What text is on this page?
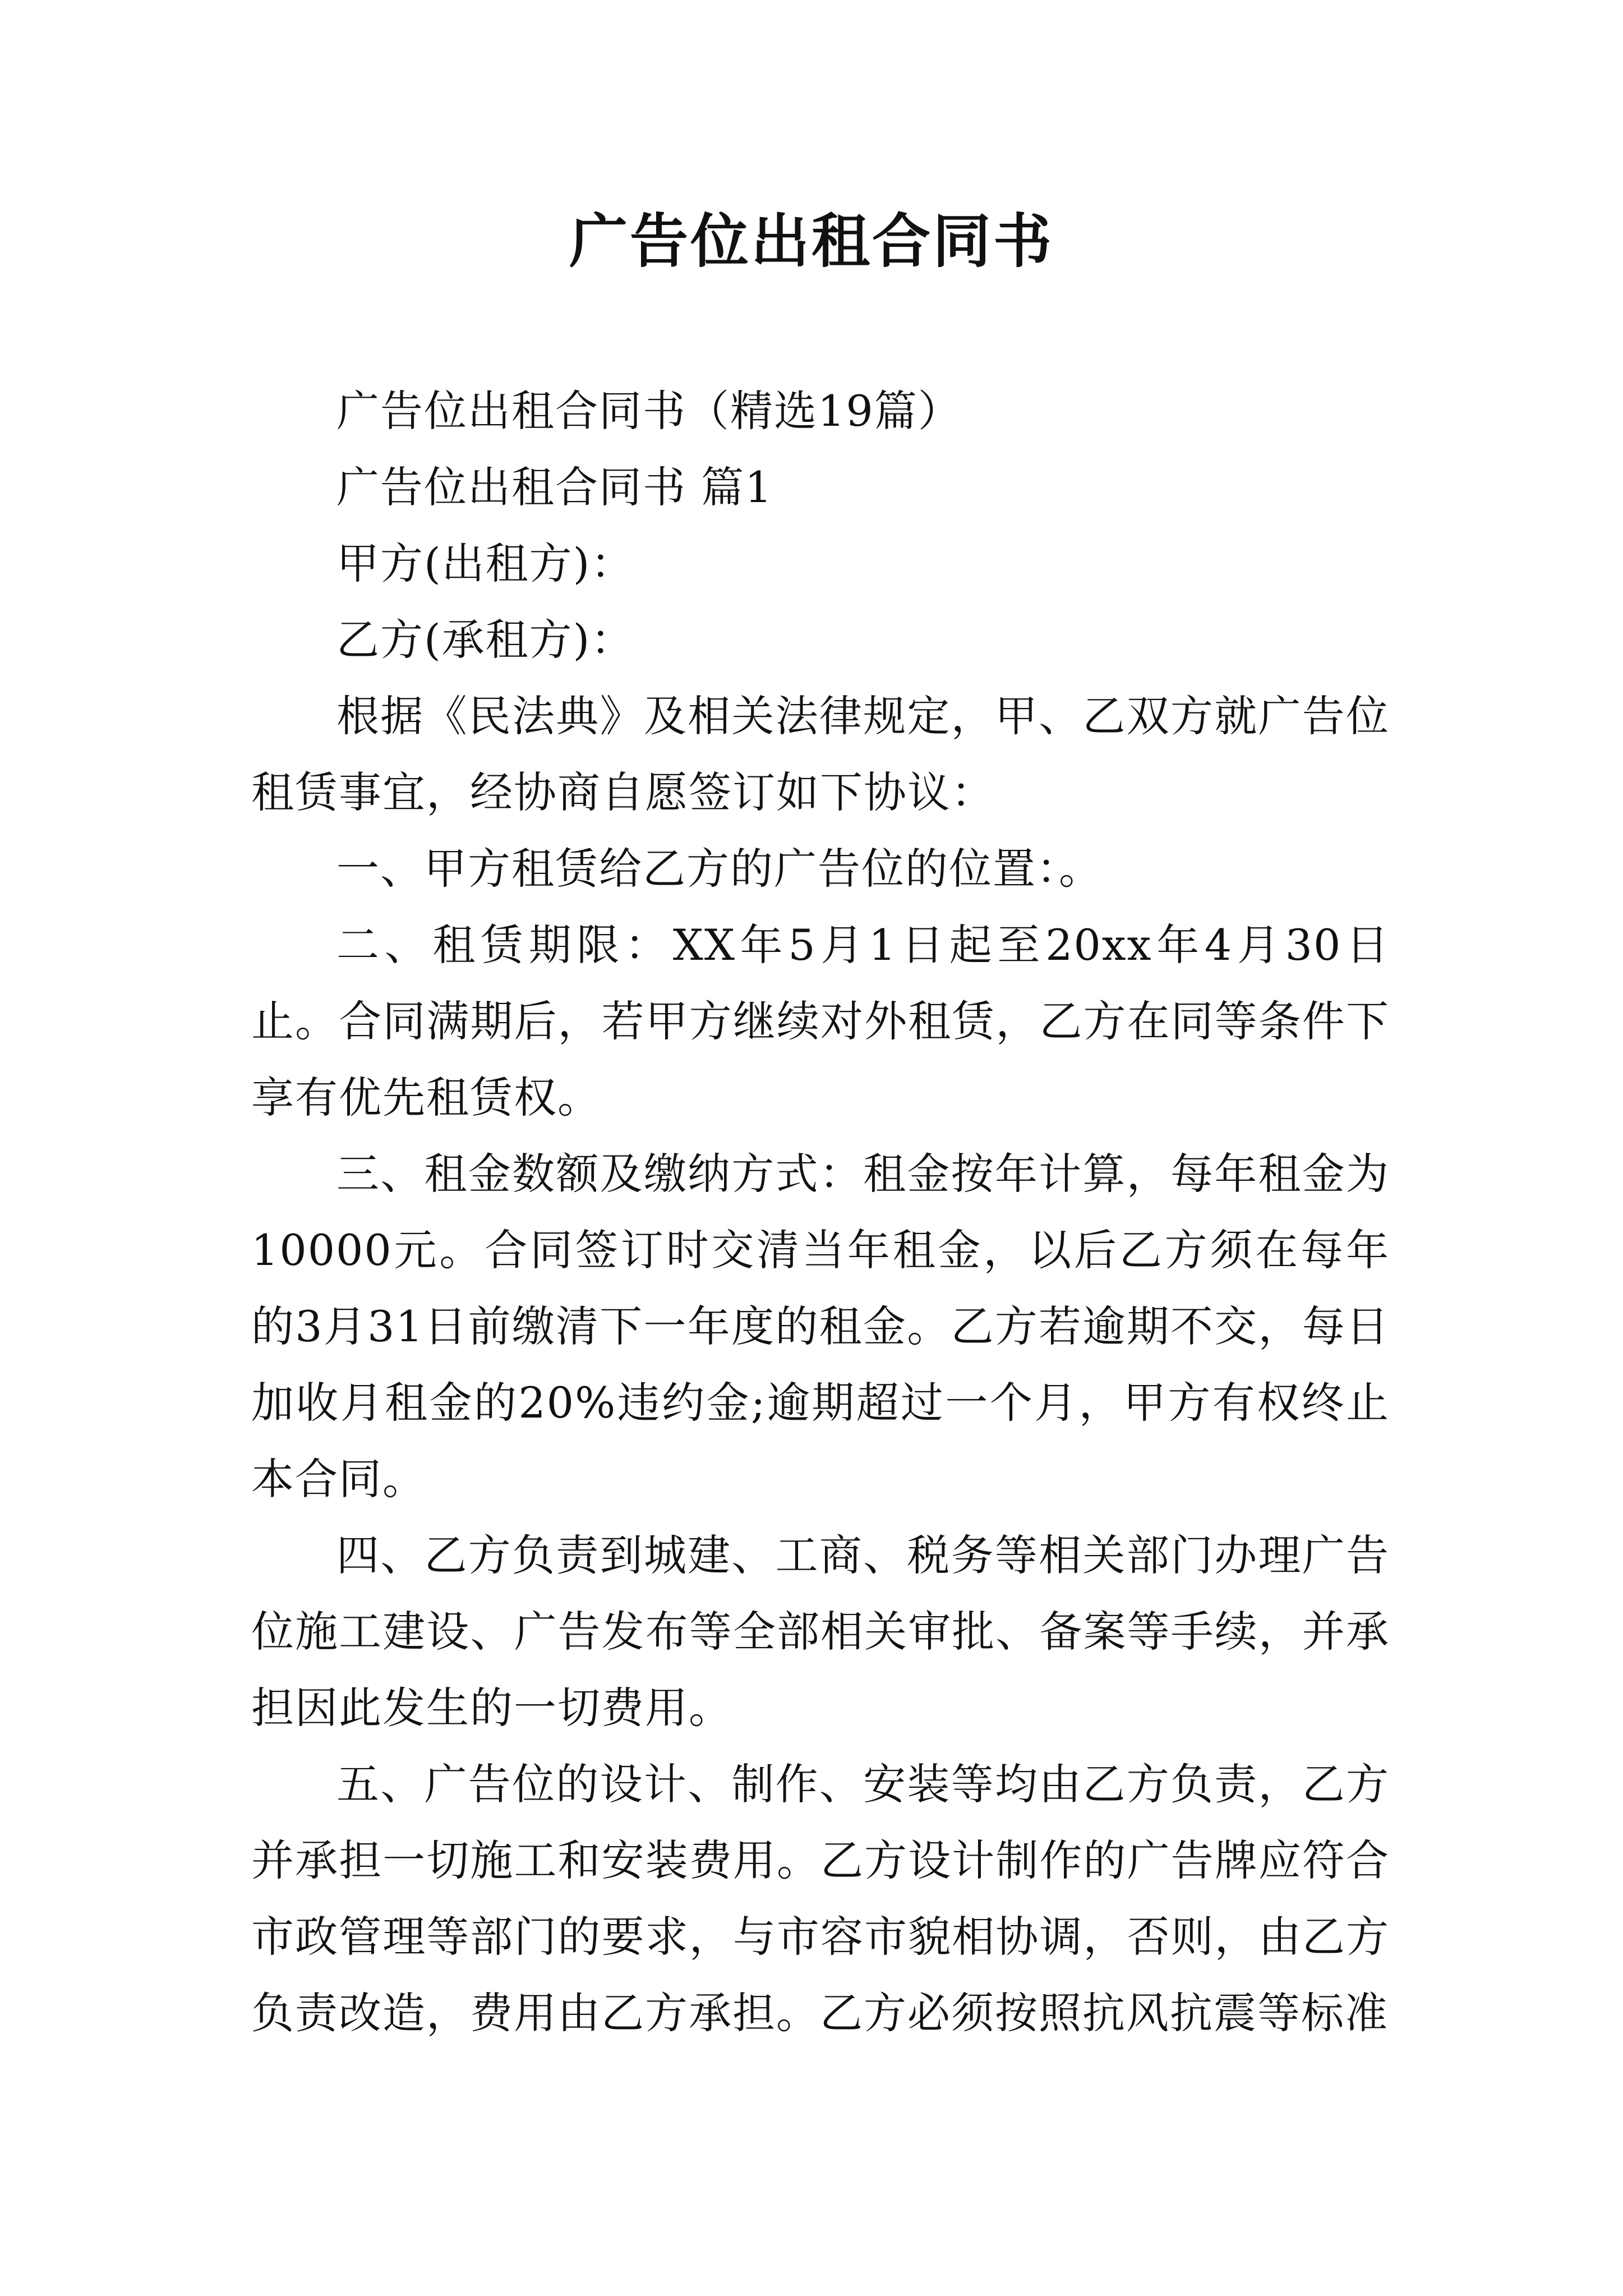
广告位出租合同书

广告位出租合同书（精选19篇）

广告位出租合同书 篇1

甲方(出租方)：

乙方(承租方)：

根据《民法典》及相关法律规定，甲、乙双方就广告位租赁事宜，经协商自愿签订如下协议：

一、甲方租赁给乙方的广告位的位置：。

二、租赁期限：XX年5月1日起至20xx年4月30日止。合同满期后，若甲方继续对外租赁，乙方在同等条件下享有优先租赁权。

三、租金数额及缴纳方式：租金按年计算，每年租金为10000元。合同签订时交清当年租金，以后乙方须在每年的3月31日前缴清下一年度的租金。乙方若逾期不交，每日加收月租金的20%违约金;逾期超过一个月，甲方有权终止本合同。

四、乙方负责到城建、工商、税务等相关部门办理广告位施工建设、广告发布等全部相关审批、备案等手续，并承担因此发生的一切费用。

五、广告位的设计、制作、安装等均由乙方负责，乙方并承担一切施工和安装费用。乙方设计制作的广告牌应符合市政管理等部门的要求，与市容市貌相协调，否则，由乙方负责改造，费用由乙方承担。乙方必须按照抗风抗震等标准
